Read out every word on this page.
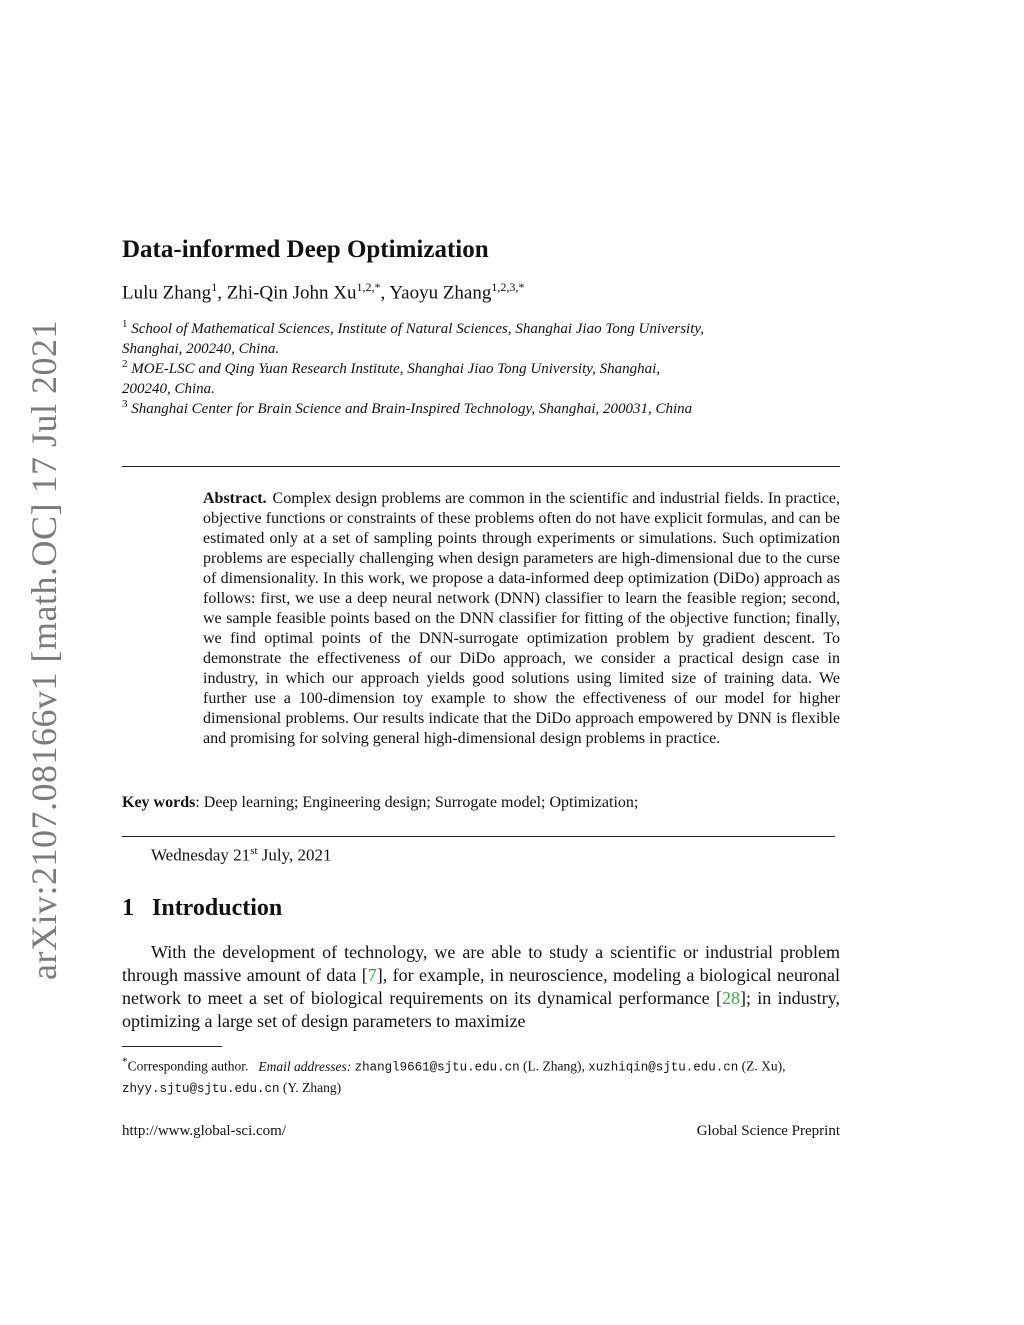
arXiv:2107.08166v1 [math.OC] 17 Jul 2021
Data-informed Deep Optimization
Lulu Zhang$^1$, Zhi-Qin John $Xu^{1,2,*}$, Yaoyu Zhang$^{1,2,3,*}$
$^1$ School of Mathematical Sciences, Institute of Natural Sciences, Shanghai Jiao Tong University, Shanghai, 200240, China.
$^2$ MOE-LSC and Qing Yuan Research Institute, Shanghai Jiao Tong University, Shanghai, 200240, China.
$^3$ Shanghai Center for Brain Science and Brain-Inspired Technology, Shanghai, 200031, China
Abstract. Complex design problems are common in the scientific and industrial fields. In practice, objective functions or constraints of these problems often do not have explicit formulas, and can be estimated only at a set of sampling points through experiments or simulations. Such optimization problems are especially challenging when design parameters are high-dimensional due to the curse of dimensionality. In this work, we propose a data-informed deep optimization (DiDo) approach as follows: first, we use a deep neural network (DNN) classifier to learn the feasible region; second, we sample feasible points based on the DNN classifier for fitting of the objective function; finally, we find optimal points of the DNN-surrogate optimization problem by gradient descent. To demonstrate the effectiveness of our DiDo approach, we consider a practical design case in industry, in which our approach yields good solutions using limited size of training data. We further use a 100-dimension toy example to show the effectiveness of our model for higher dimensional problems. Our results indicate that the DiDo approach empowered by DNN is flexible and promising for solving general high-dimensional design problems in practice.
Key words: Deep learning; Engineering design; Surrogate model; Optimization;
Wednesday 21st July, 2021
1 Introduction
With the development of technology, we are able to study a scientific or industrial problem through massive amount of data [7], for example, in neuroscience, modeling a biological neuronal network to meet a set of biological requirements on its dynamical performance [28]; in industry, optimizing a large set of design parameters to maximize
*Corresponding author. Email addresses: zhangl9661@sjtu.edu.cn (L. Zhang), xuzhiqin@sjtu.edu.cn (Z. Xu), zhyy.sjtu@sjtu.edu.cn (Y. Zhang)
http://www.global-sci.com/	Global Science Preprint
